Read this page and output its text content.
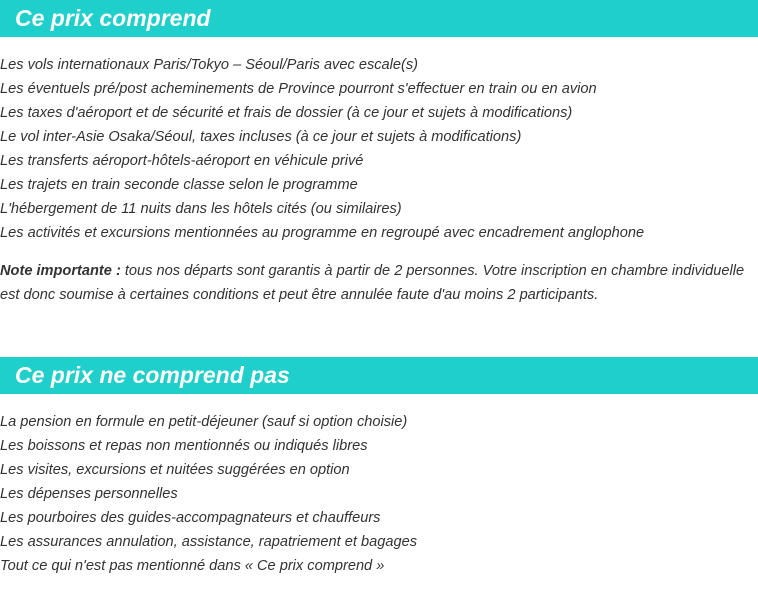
Ce prix comprend
Les vols internationaux Paris/Tokyo – Séoul/Paris avec escale(s)
Les éventuels pré/post acheminements de Province pourront s'effectuer en train ou en avion
Les taxes d'aéroport et de sécurité et frais de dossier (à ce jour et sujets à modifications)
Le vol inter-Asie Osaka/Séoul, taxes incluses (à ce jour et sujets à modifications)
Les transferts aéroport-hôtels-aéroport en véhicule privé
Les trajets en train seconde classe selon le programme
L'hébergement de 11 nuits dans les hôtels cités (ou similaires)
Les activités et excursions mentionnées au programme en regroupé avec encadrement anglophone

Note importante : tous nos départs sont garantis à partir de 2 personnes. Votre inscription en chambre individuelle est donc soumise à certaines conditions et peut être annulée faute d'au moins 2 participants.

Ce prix ne comprend pas
La pension en formule en petit-déjeuner (sauf si option choisie)
Les boissons et repas non mentionnés ou indiqués libres
Les visites, excursions et nuitées suggérées en option
Les dépenses personnelles
Les pourboires des guides-accompagnateurs et chauffeurs
Les assurances annulation, assistance, rapatriement et bagages
Tout ce qui n'est pas mentionné dans « Ce prix comprend »
